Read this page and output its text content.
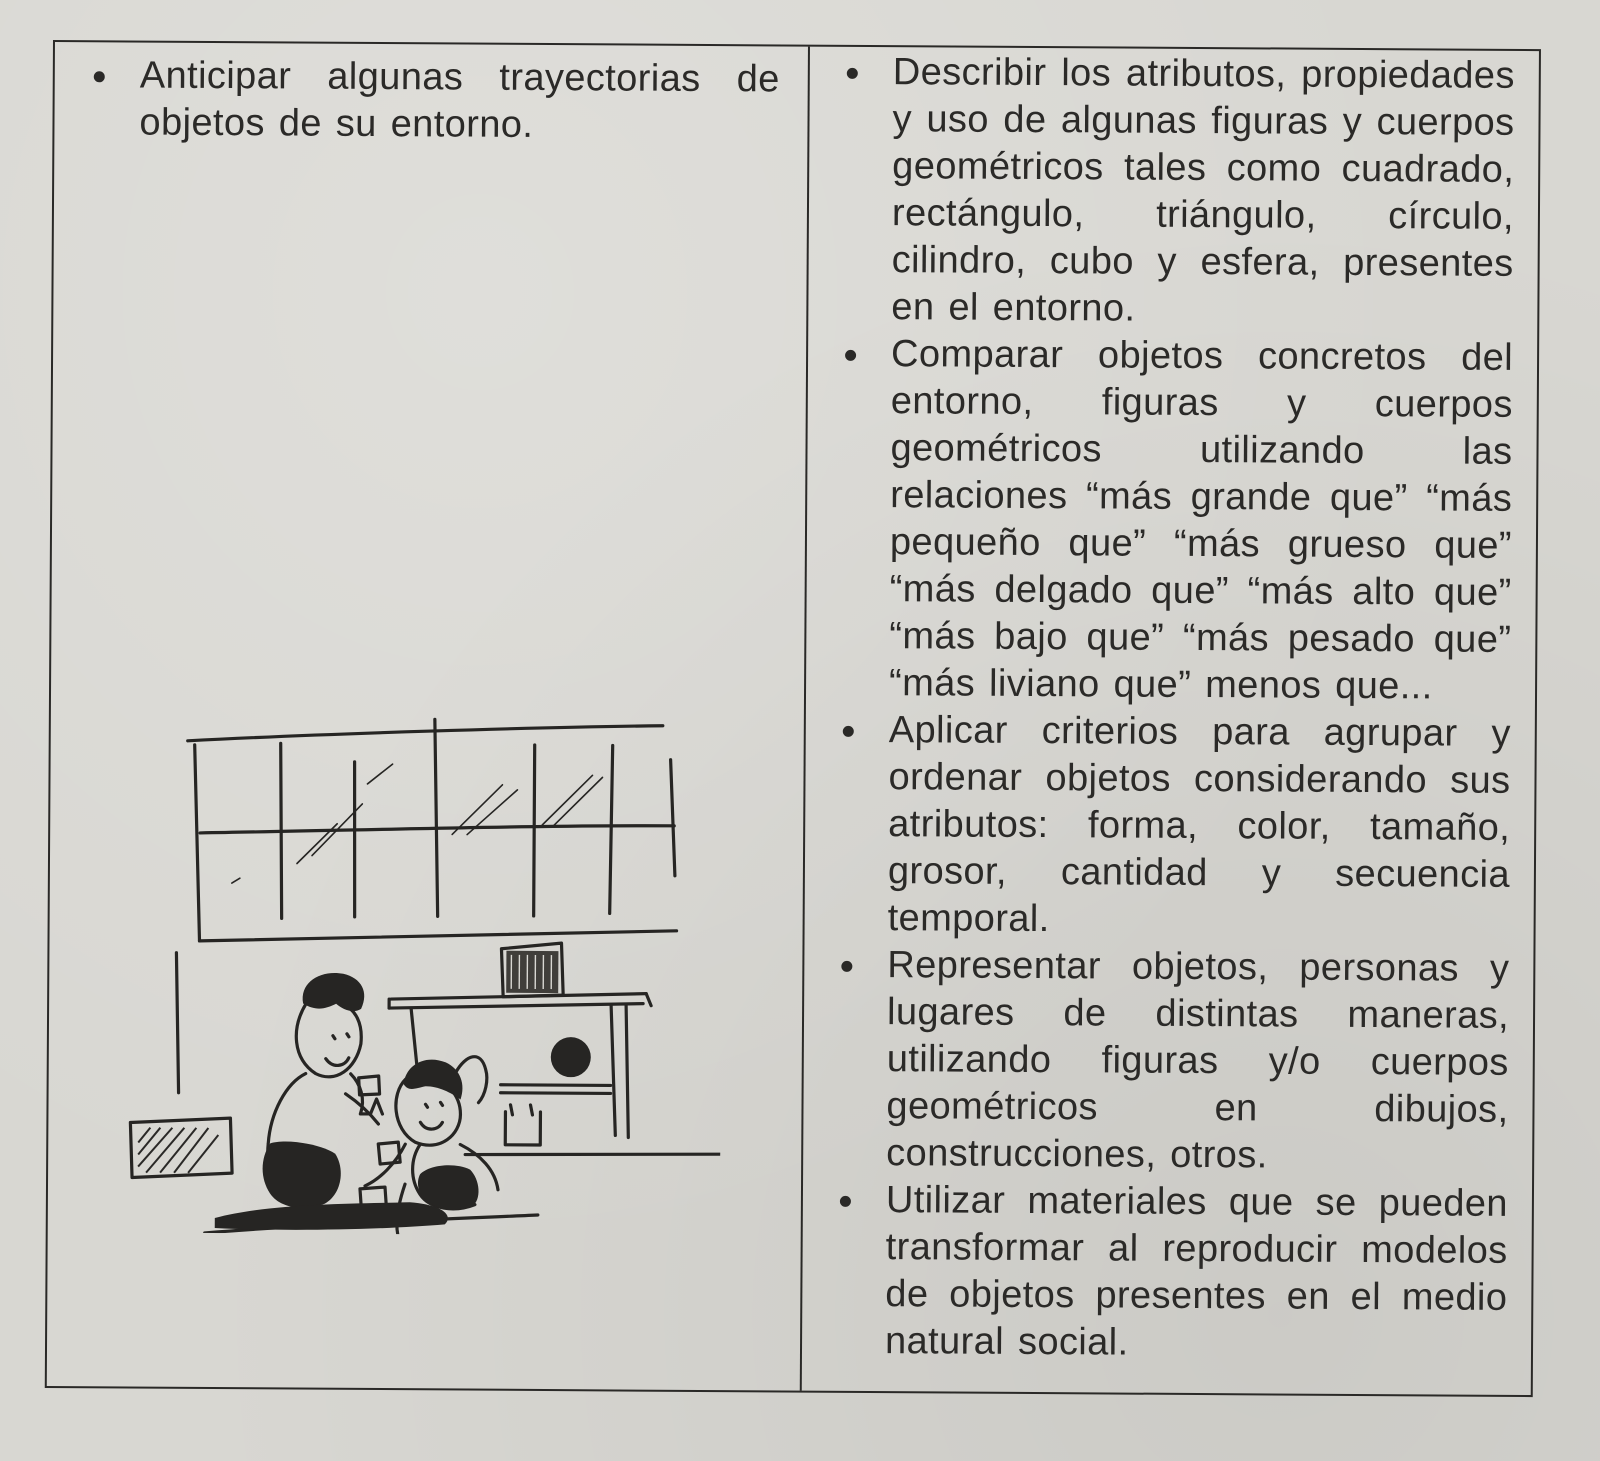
Anticipar algunas trayectorias de objetos de su entorno.
Describir los atributos, propiedades y uso de algunas figuras y cuerpos geométricos tales como cuadrado, rectángulo, triángulo, círculo, cilindro, cubo y esfera, presentes en el entorno.
Comparar objetos concretos del entorno, figuras y cuerpos geométricos utilizando las relaciones “más grande que” “más pequeño que” “más grueso que” “más delgado que” “más alto que” “más bajo que” “más pesado que” “más liviano que” menos que...
Aplicar criterios para agrupar y ordenar objetos considerando sus atributos: forma, color, tamaño, grosor, cantidad y secuencia temporal.
Representar objetos, personas y lugares de distintas maneras, utilizando figuras y/o cuerpos geométricos en dibujos, construcciones, otros.
Utilizar materiales que se pueden transformar al reproducir modelos de objetos presentes en el medio natural social.
